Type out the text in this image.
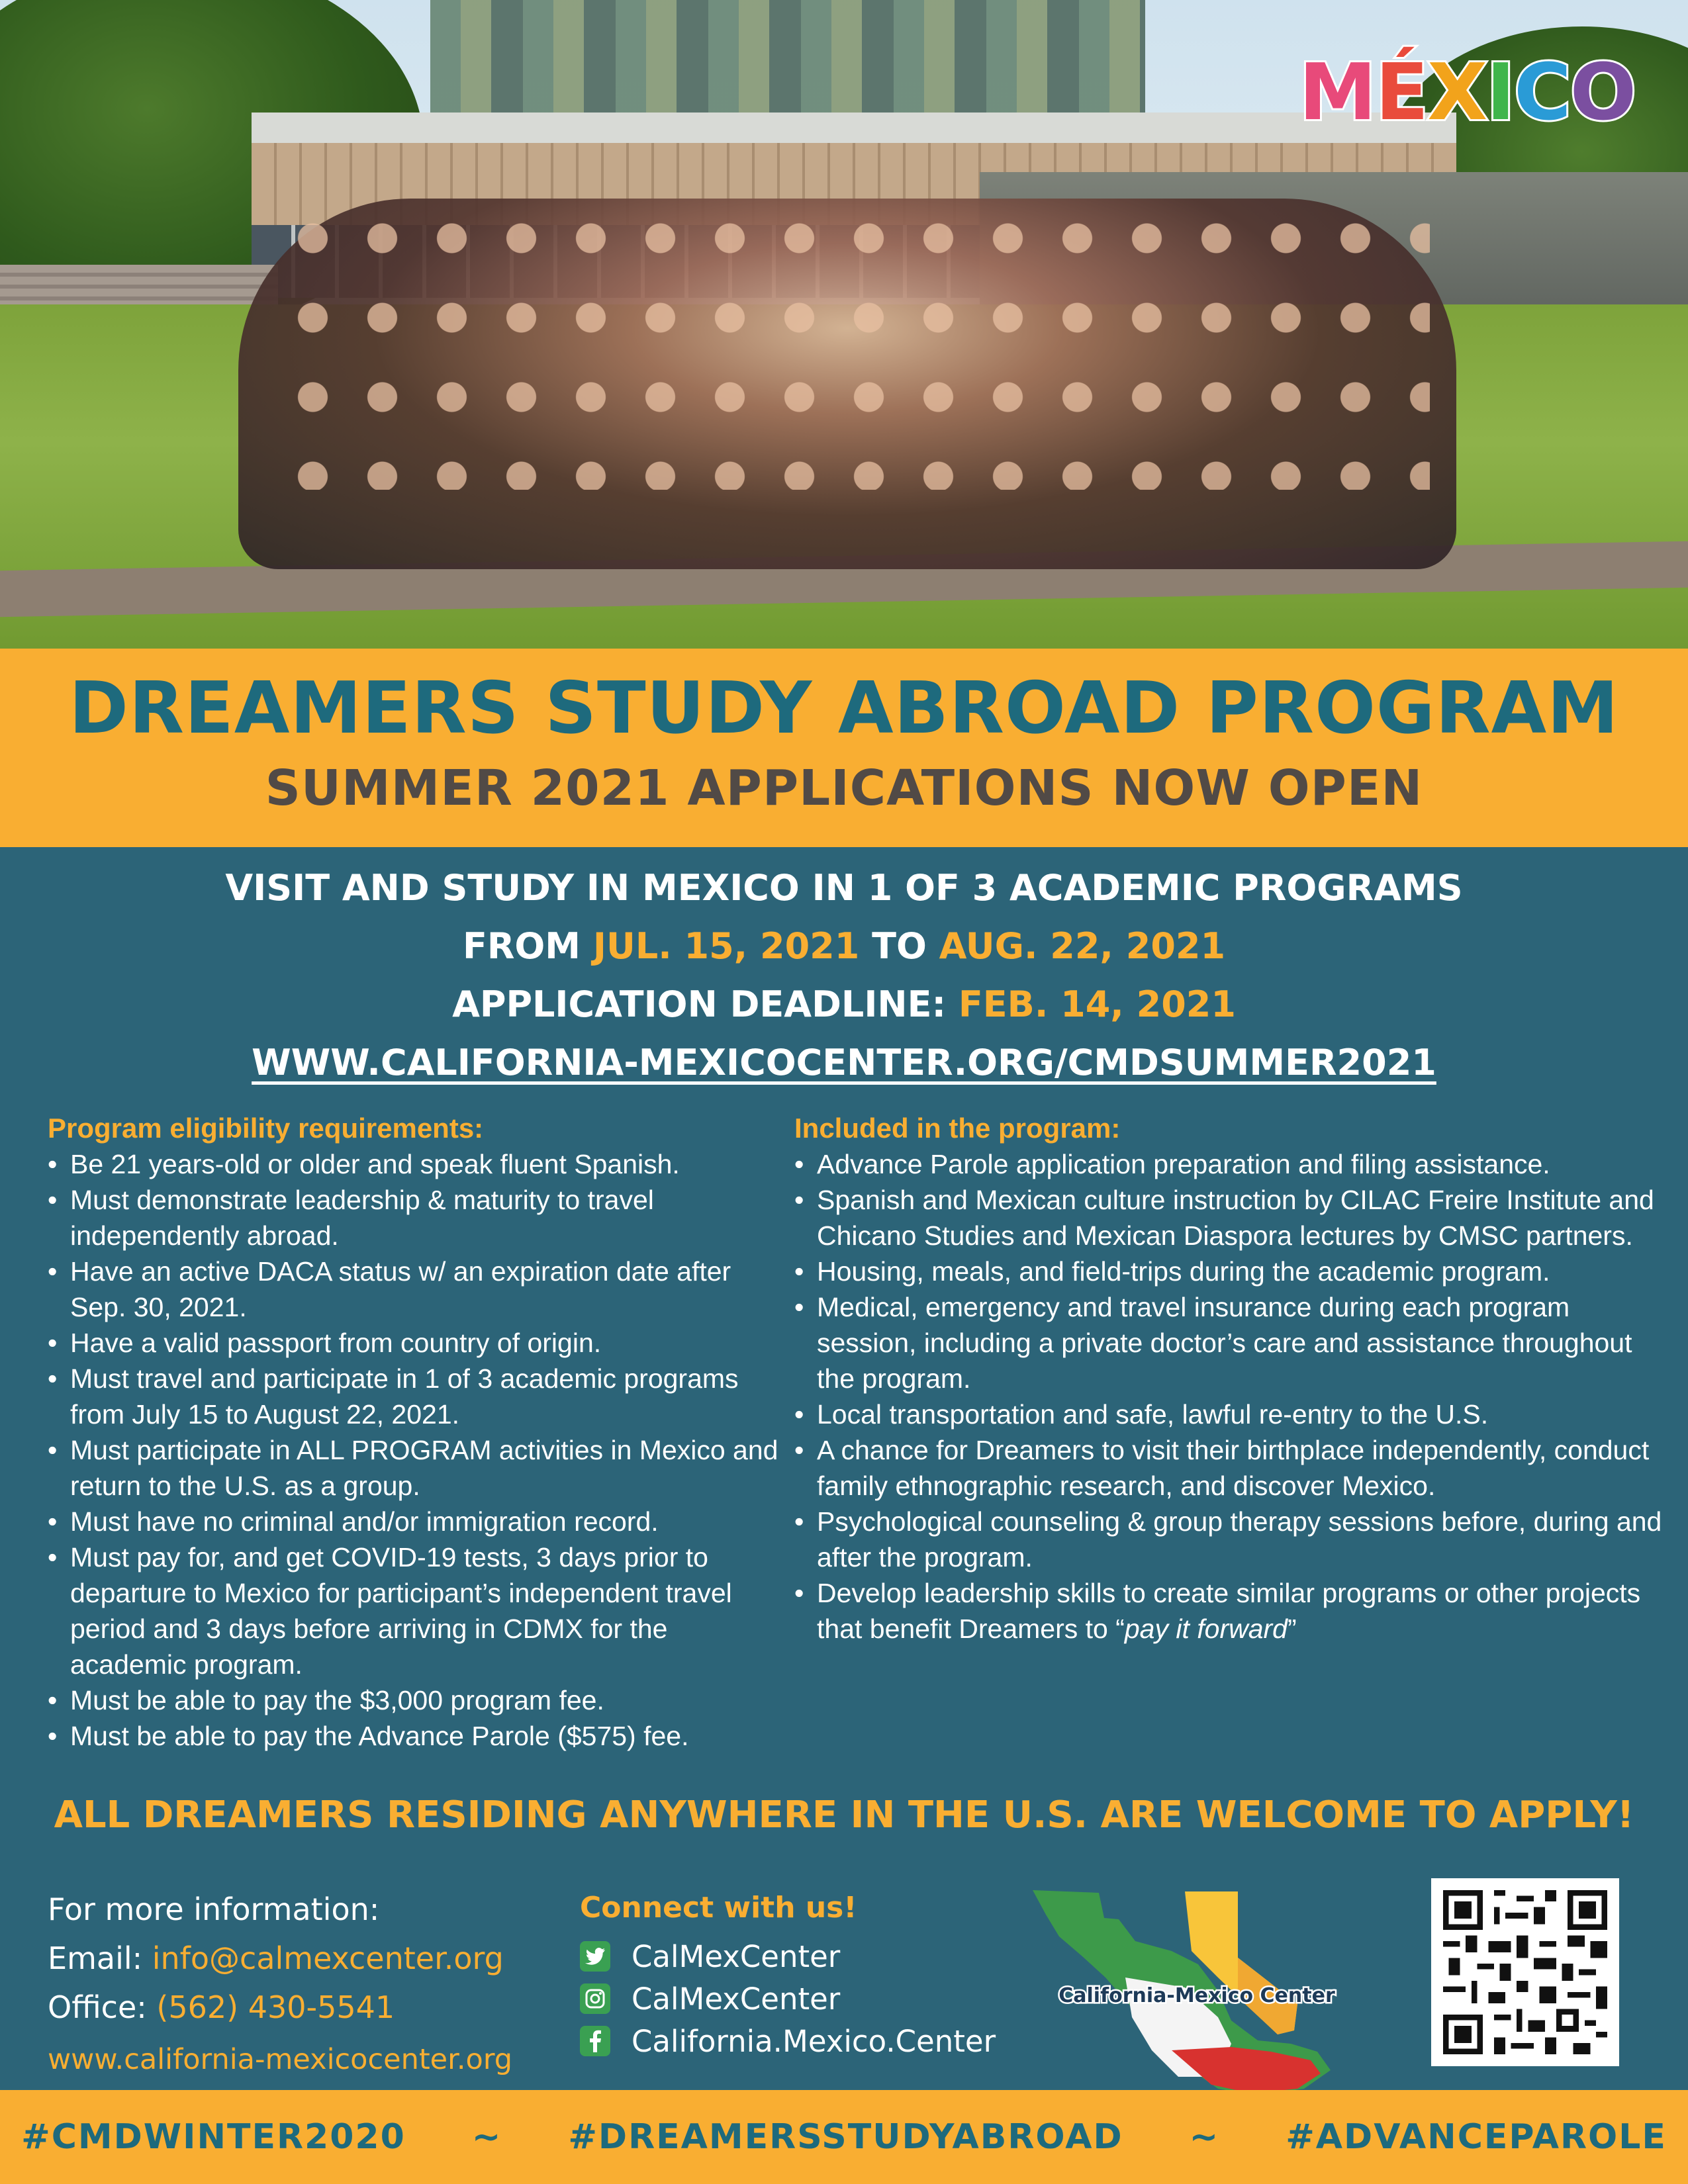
MÉXICO
DREAMERS STUDY ABROAD PROGRAM
SUMMER 2021 APPLICATIONS NOW OPEN
VISIT AND STUDY IN MEXICO IN 1 OF 3 ACADEMIC PROGRAMS
FROM JUL. 15, 2021 TO AUG. 22, 2021
APPLICATION DEADLINE: FEB. 14, 2021
WWW.CALIFORNIA-MEXICOCENTER.ORG/CMDSUMMER2021
Program eligibility requirements:
• Be 21 years-old or older and speak fluent Spanish.
• Must demonstrate leadership & maturity to travel independently abroad.
• Have an active DACA status w/ an expiration date after Sep. 30, 2021.
• Have a valid passport from country of origin.
• Must travel and participate in 1 of 3 academic programs from July 15 to August 22, 2021.
• Must participate in ALL PROGRAM activities in Mexico and return to the U.S. as a group.
• Must have no criminal and/or immigration record.
• Must pay for, and get COVID-19 tests, 3 days prior to departure to Mexico for participant’s independent travel period and 3 days before arriving in CDMX for the academic program.
• Must be able to pay the $3,000 program fee.
• Must be able to pay the Advance Parole ($575) fee.
Included in the program:
• Advance Parole application preparation and filing assistance.
• Spanish and Mexican culture instruction by CILAC Freire Institute and Chicano Studies and Mexican Diaspora lectures by CMSC partners.
• Housing, meals, and field-trips during the academic program.
• Medical, emergency and travel insurance during each program session, including a private doctor’s care and assistance throughout the program.
• Local transportation and safe, lawful re-entry to the U.S.
• A chance for Dreamers to visit their birthplace independently, conduct family ethnographic research, and discover Mexico.
• Psychological counseling & group therapy sessions before, during and after the program.
• Develop leadership skills to create similar programs or other projects that benefit Dreamers to “pay it forward”
ALL DREAMERS RESIDING ANYWHERE IN THE U.S. ARE WELCOME TO APPLY!
For more information:
Email: info@calmexcenter.org
Office: (562) 430-5541
www.california-mexicocenter.org
Connect with us!
CalMexCenter
CalMexCenter
California.Mexico.Center
California-Mexico Center
#CMDWINTER2020 ~ #DREAMERSSTUDYABROAD ~ #ADVANCEPAROLE
